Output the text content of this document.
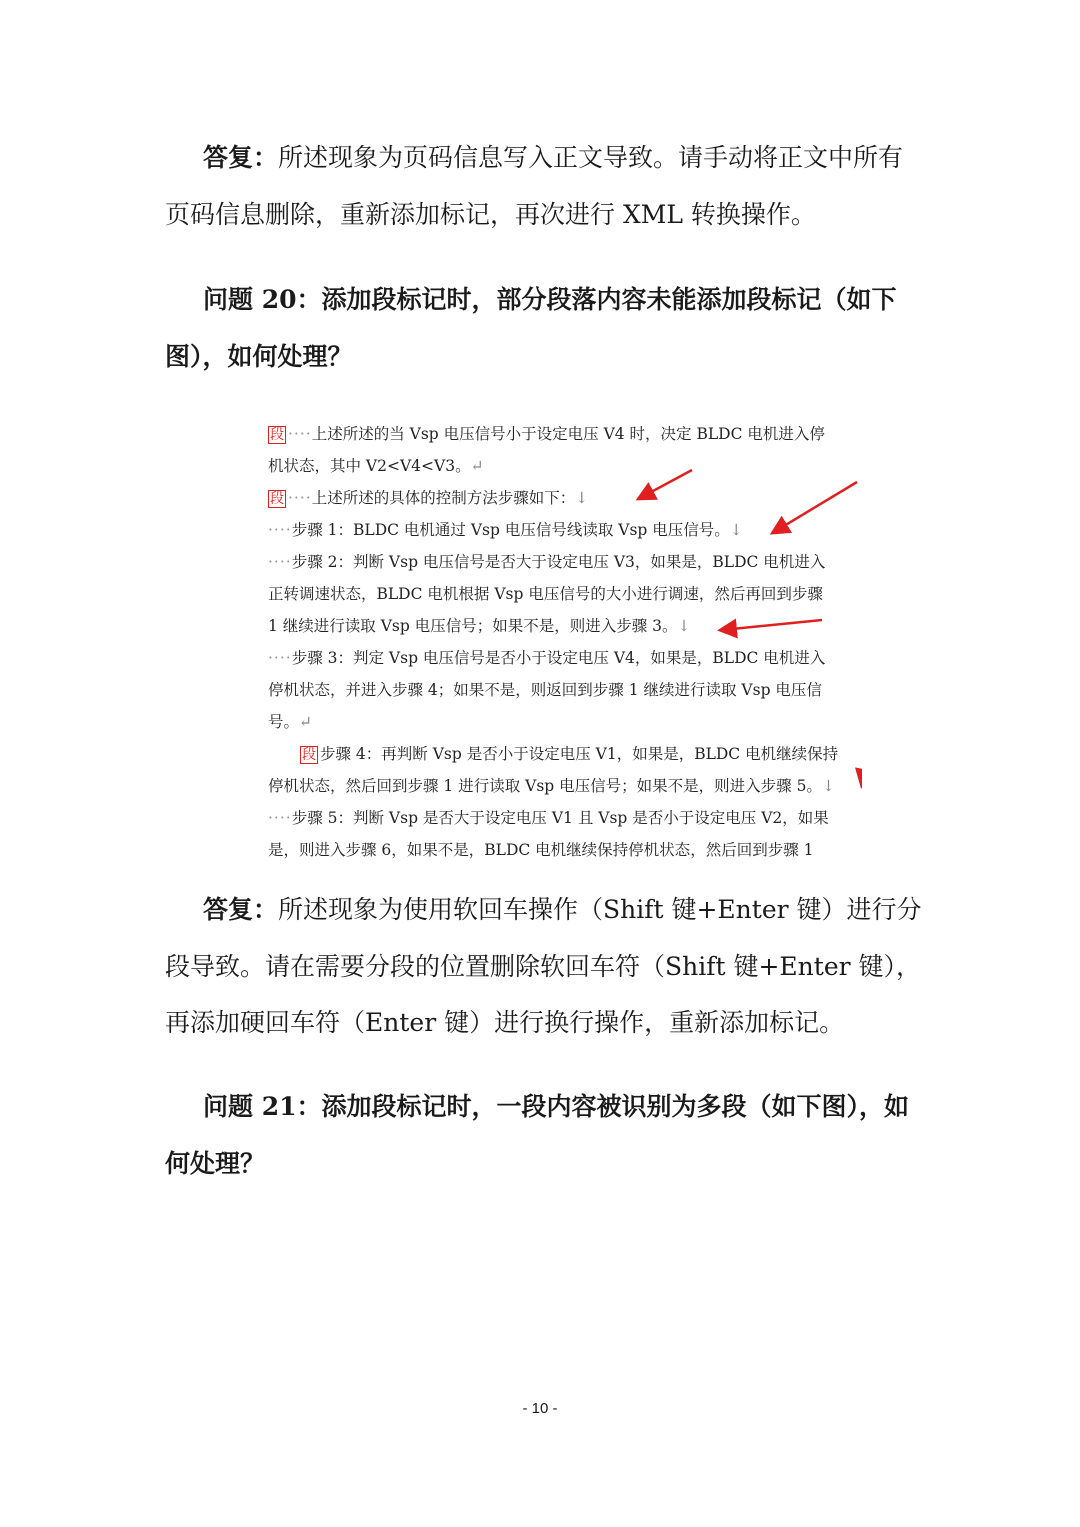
答复：所述现象为页码信息写入正文导致。请手动将正文中所有
页码信息删除，重新添加标记，再次进行 XML 转换操作。
问题 20：添加段标记时，部分段落内容未能添加段标记（如下
图），如何处理？
段 ····上述所述的当 Vsp 电压信号小于设定电压 V4 时，决定 BLDC 电机进入停
机状态，其中 V2<V4<V3。↵
段 ····上述所述的具体的控制方法步骤如下：↓
····步骤 1：BLDC 电机通过 Vsp 电压信号线读取 Vsp 电压信号。↓
····步骤 2：判断 Vsp 电压信号是否大于设定电压 V3，如果是，BLDC 电机进入
正转调速状态，BLDC 电机根据 Vsp 电压信号的大小进行调速，然后再回到步骤
1 继续进行读取 Vsp 电压信号；如果不是，则进入步骤 3。↓
····步骤 3：判定 Vsp 电压信号是否小于设定电压 V4，如果是，BLDC 电机进入
停机状态，并进入步骤 4；如果不是，则返回到步骤 1 继续进行读取 Vsp 电压信
号。↵
段 步骤 4：再判断 Vsp 是否小于设定电压 V1，如果是，BLDC 电机继续保持
停机状态，然后回到步骤 1 进行读取 Vsp 电压信号；如果不是，则进入步骤 5。↓
····步骤 5：判断 Vsp 是否大于设定电压 V1 且 Vsp 是否小于设定电压 V2，如果
是，则进入步骤 6，如果不是，BLDC 电机继续保持停机状态，然后回到步骤 1
答复：所述现象为使用软回车操作（Shift 键+Enter 键）进行分
段导致。请在需要分段的位置删除软回车符（Shift 键+Enter 键），
再添加硬回车符（Enter 键）进行换行操作，重新添加标记。
问题 21：添加段标记时，一段内容被识别为多段（如下图），如
何处理？
- 10 -
